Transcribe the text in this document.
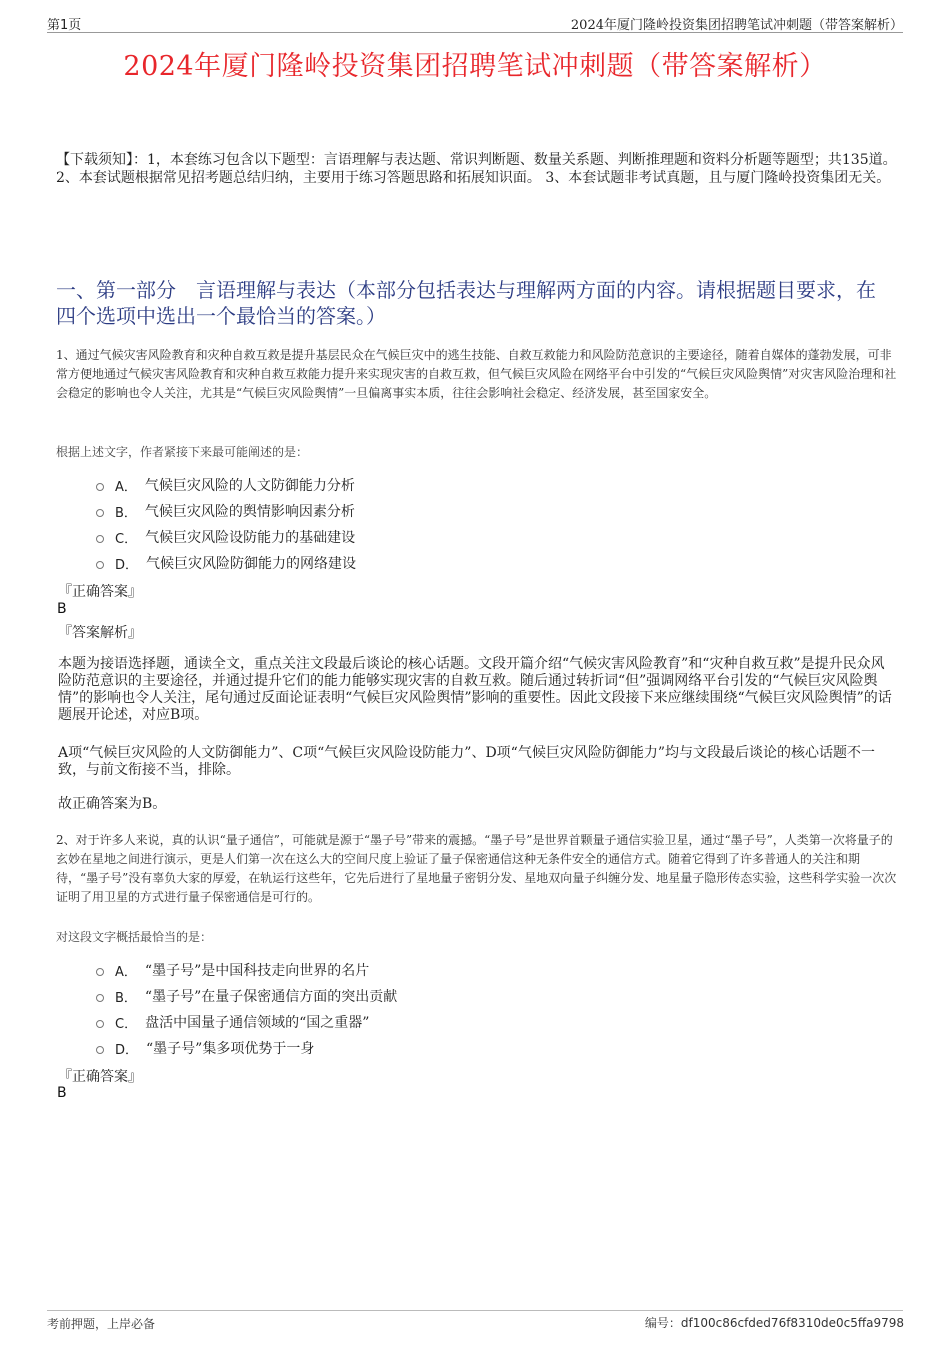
第1页	2024年厦门隆岭投资集团招聘笔试冲刺题（带答案解析）
2024年厦门隆岭投资集团招聘笔试冲刺题（带答案解析）
【下载须知】：1，本套练习包含以下题型：言语理解与表达题、常识判断题、数量关系题、判断推理题和资料分析题等题型；共135道。 2、本套试题根据常见招考题总结归纳，主要用于练习答题思路和拓展知识面。 3、本套试题非考试真题，且与厦门隆岭投资集团无关。
一、第一部分　言语理解与表达（本部分包括表达与理解两方面的内容。请根据题目要求，在四个选项中选出一个最恰当的答案。）
1、通过气候灾害风险教育和灾种自救互救是提升基层民众在气候巨灾中的逃生技能、自救互救能力和风险防范意识的主要途径，随着自媒体的蓬勃发展，可非常方便地通过气候灾害风险教育和灾种自救互救能力提升来实现灾害的自救互救，但气候巨灾风险在网络平台中引发的“气候巨灾风险舆情”对灾害风险治理和社会稳定的影响也令人关注，尤其是“气候巨灾风险舆情”一旦偏离事实本质，往往会影响社会稳定、经济发展，甚至国家安全。
根据上述文字，作者紧接下来最可能阐述的是：
A． 气候巨灾风险的人文防御能力分析
B． 气候巨灾风险的舆情影响因素分析
C． 气候巨灾风险设防能力的基础建设
D． 气候巨灾风险防御能力的网络建设
『正确答案』
B
『答案解析』
本题为接语选择题，通读全文，重点关注文段最后谈论的核心话题。文段开篇介绍“气候灾害风险教育”和“灾种自救互救”是提升民众风险防范意识的主要途径，并通过提升它们的能力能够实现灾害的自救互救。随后通过转折词“但”强调网络平台引发的“气候巨灾风险舆情”的影响也令人关注，尾句通过反面论证表明“气候巨灾风险舆情”影响的重要性。因此文段接下来应继续围绕“气候巨灾风险舆情”的话题展开论述，对应B项。
A项“气候巨灾风险的人文防御能力”、C项“气候巨灾风险设防能力”、D项“气候巨灾风险防御能力”均与文段最后谈论的核心话题不一致，与前文衔接不当，排除。
故正确答案为B。
2、对于许多人来说，真的认识“量子通信”，可能就是源于“墨子号”带来的震撼。“墨子号”是世界首颗量子通信实验卫星，通过“墨子号”，人类第一次将量子的玄妙在星地之间进行演示，更是人们第一次在这么大的空间尺度上验证了量子保密通信这种无条件安全的通信方式。随着它得到了许多普通人的关注和期待，“墨子号”没有辜负大家的厚爱，在轨运行这些年，它先后进行了星地量子密钥分发、星地双向量子纠缠分发、地星量子隐形传态实验，这些科学实验一次次证明了用卫星的方式进行量子保密通信是可行的。
对这段文字概括最恰当的是：
A． “墨子号”是中国科技走向世界的名片
B． “墨子号”在量子保密通信方面的突出贡献
C． 盘活中国量子通信领域的“国之重器”
D． “墨子号”集多项优势于一身
『正确答案』
B
考前押题，上岸必备	编号：df100c86cfded76f8310de0c5ffa9798
